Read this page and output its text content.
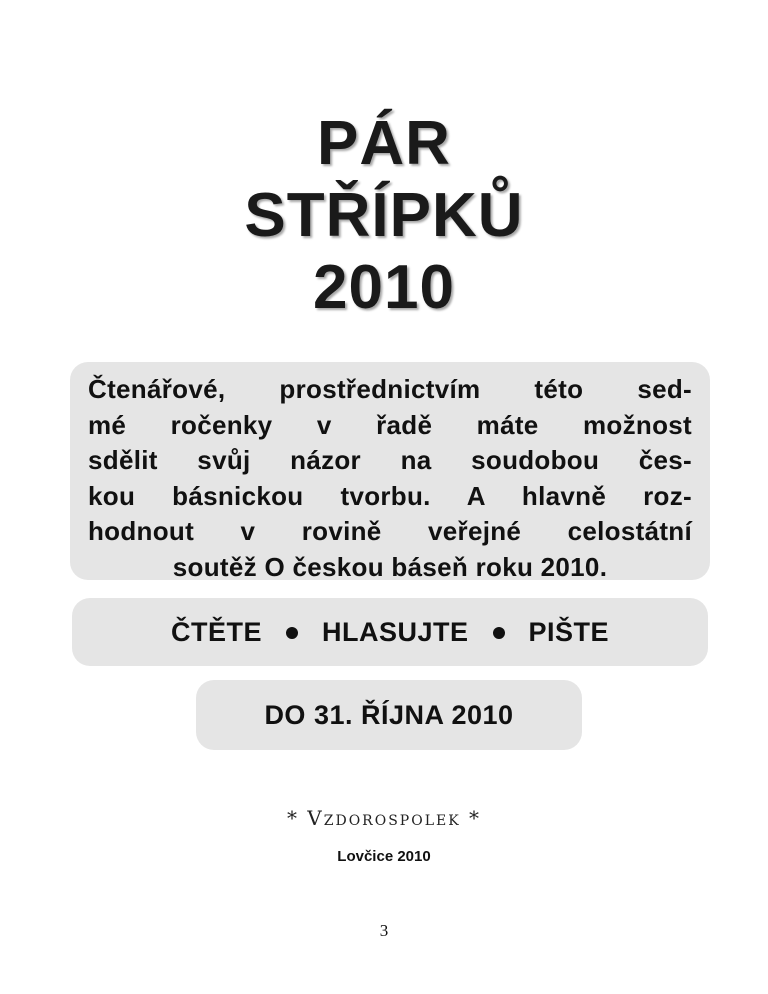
PÁR
STŘÍPKŮ
2010
Čtenářové, prostřednictvím této sed-
mé ročenky v řadě máte možnost
sdělit svůj názor na soudobou čes-
kou básnickou tvorbu. A hlavně roz-
hodnout v rovině veřejné celostátní
soutěž O českou báseň roku 2010.
ČTĚTE HLASUJTE PIŠTE
DO 31. ŘÍJNA 2010
* Vzdorospolek *
Lovčice 2010
3
